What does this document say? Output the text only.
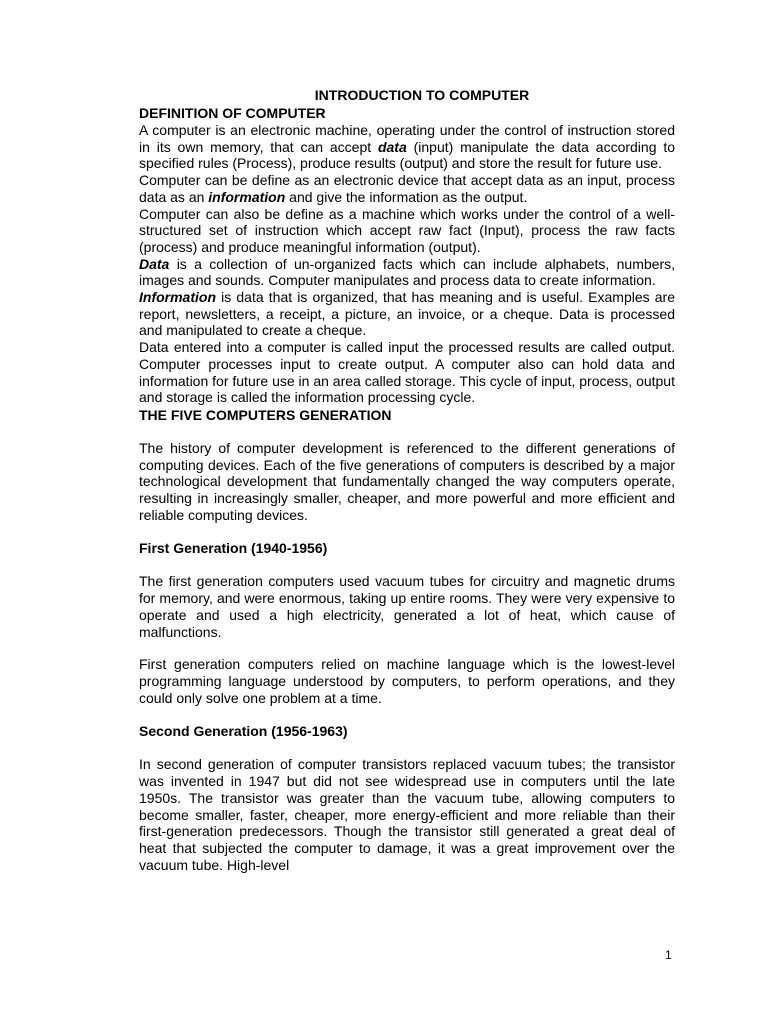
INTRODUCTION TO COMPUTER
DEFINITION OF COMPUTER

A computer is an electronic machine, operating under the control of instruction stored in its own memory, that can accept data (input) manipulate the data according to specified rules (Process), produce results (output) and store the result for future use.

Computer can be define as an electronic device that accept data as an input, process data as an information and give the information as the output.

Computer can also be define as a machine which works under the control of a well-structured set of instruction which accept raw fact (Input), process the raw facts (process) and produce meaningful information (output).

Data is a collection of un-organized facts which can include alphabets, numbers, images and sounds. Computer manipulates and process data to create information.

Information is data that is organized, that has meaning and is useful. Examples are report, newsletters, a receipt, a picture, an invoice, or a cheque. Data is processed and manipulated to create a cheque.

Data entered into a computer is called input the processed results are called output. Computer processes input to create output. A computer also can hold data and information for future use in an area called storage. This cycle of input, process, output and storage is called the information processing cycle.

THE FIVE COMPUTERS GENERATION

The history of computer development is referenced to the different generations of computing devices. Each of the five generations of computers is described by a major technological development that fundamentally changed the way computers operate, resulting in increasingly smaller, cheaper, and more powerful and more efficient and reliable computing devices.

First Generation (1940-1956)

The first generation computers used vacuum tubes for circuitry and magnetic drums for memory, and were enormous, taking up entire rooms. They were very expensive to operate and used a high electricity, generated a lot of heat, which cause of malfunctions.

First generation computers relied on machine language which is the lowest-level programming language understood by computers, to perform operations, and they could only solve one problem at a time.

Second Generation (1956-1963)

In second generation of computer transistors replaced vacuum tubes; the transistor was invented in 1947 but did not see widespread use in computers until the late 1950s. The transistor was greater than the vacuum tube, allowing computers to become smaller, faster, cheaper, more energy-efficient and more reliable than their first-generation predecessors. Though the transistor still generated a great deal of heat that subjected the computer to damage, it was a great improvement over the vacuum tube. High-level

1
